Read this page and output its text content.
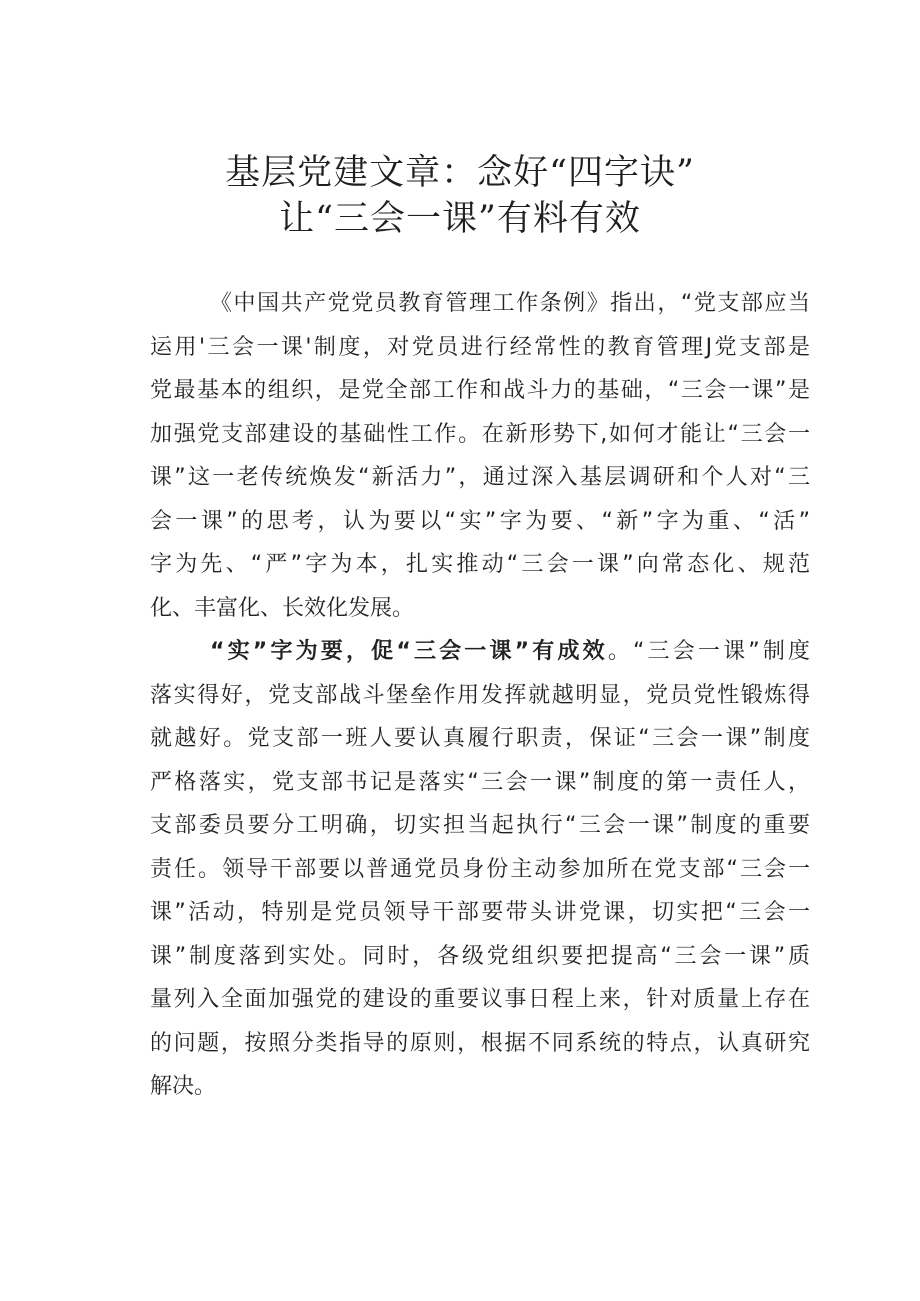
基层党建文章：念好“四字诀”
让“三会一课”有料有效
《中国共产党党员教育管理工作条例》指出，“党支部应当
运用'三会一课'制度，对党员进行经常性的教育管理J党支部是
党最基本的组织，是党全部工作和战斗力的基础，“三会一课”是
加强党支部建设的基础性工作。在新形势下,如何才能让“三会一
课”这一老传统焕发“新活力”，通过深入基层调研和个人对“三
会一课”的思考，认为要以“实”字为要、“新”字为重、“活”
字为先、“严”字为本，扎实推动“三会一课”向常态化、规范
化、丰富化、长效化发展。
“实”字为要，促“三会一课”有成效。“三会一课”制度
落实得好，党支部战斗堡垒作用发挥就越明显，党员党性锻炼得
就越好。党支部一班人要认真履行职责，保证“三会一课”制度
严格落实，党支部书记是落实“三会一课”制度的第一责任人，
支部委员要分工明确，切实担当起执行“三会一课”制度的重要
责任。领导干部要以普通党员身份主动参加所在党支部“三会一
课”活动，特别是党员领导干部要带头讲党课，切实把“三会一
课”制度落到实处。同时，各级党组织要把提高“三会一课”质
量列入全面加强党的建设的重要议事日程上来，针对质量上存在
的问题，按照分类指导的原则，根据不同系统的特点，认真研究
解决。
